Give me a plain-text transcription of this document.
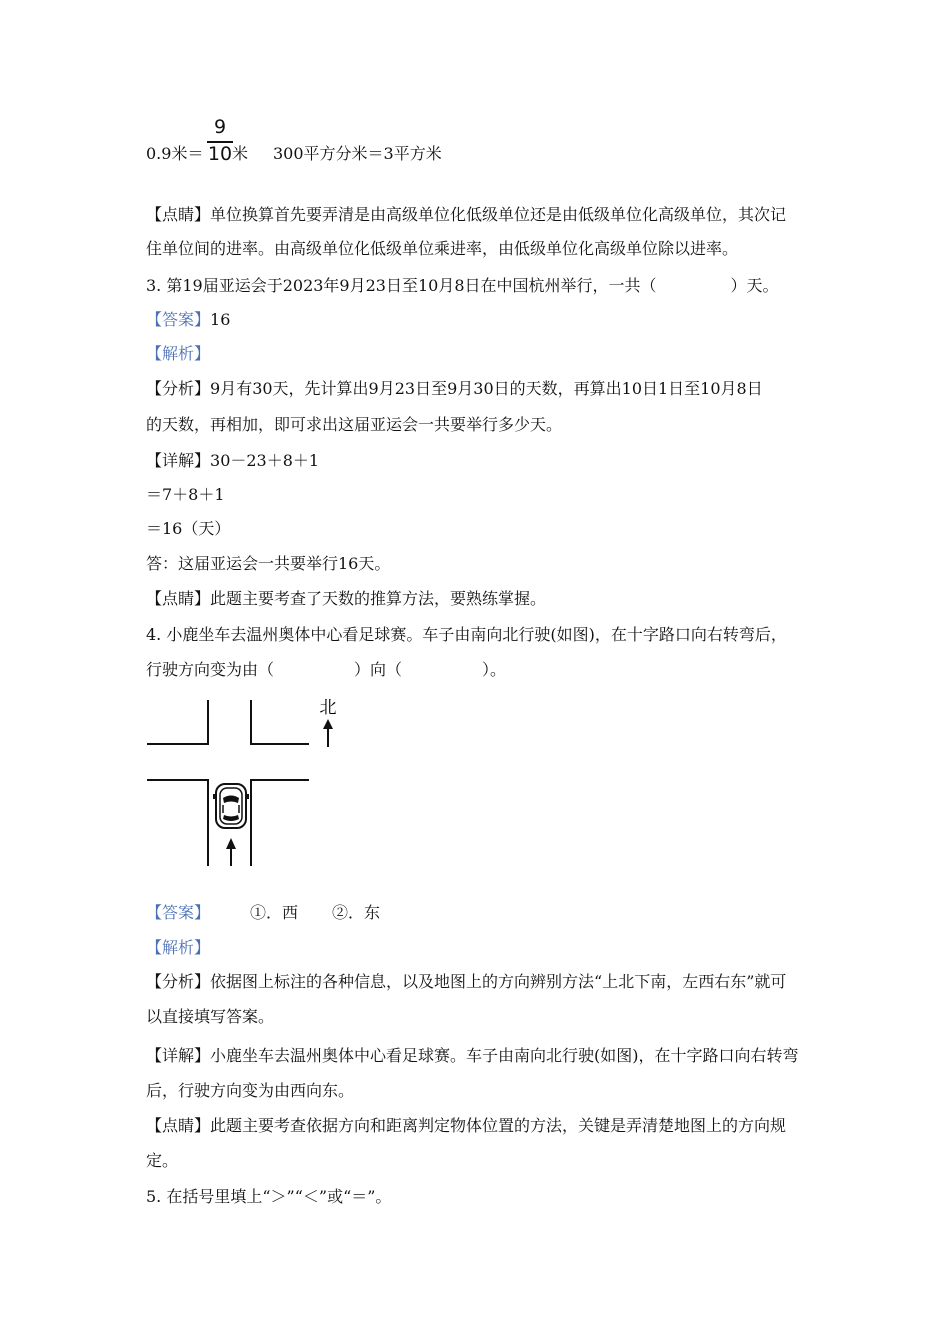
9
10
0.9米＝ 米 300平方分米＝3平方米
【点睛】单位换算首先要弄清是由高级单位化低级单位还是由低级单位化高级单位，其次记
住单位间的进率。由高级单位化低级单位乘进率，由低级单位化高级单位除以进率。
3. 第19届亚运会于2023年9月23日至10月8日在中国杭州举行，一共（	）天。
【答案】16
【解析】
【分析】9月有30天，先计算出9月23日至9月30日的天数，再算出10日1日至10月8日
的天数，再相加，即可求出这届亚运会一共要举行多少天。
【详解】30－23＋8＋1
＝7＋8＋1
＝16（天）
答：这届亚运会一共要举行16天。
【点睛】此题主要考查了天数的推算方法，要熟练掌握。
4. 小鹿坐车去温州奥体中心看足球赛。车子由南向北行驶(如图)，在十字路口向右转弯后，
行驶方向变为由（	）向（	）。
北
【答案】	①．西 ②．东
【解析】
【分析】依据图上标注的各种信息，以及地图上的方向辨别方法“上北下南，左西右东”就可
以直接填写答案。
【详解】小鹿坐车去温州奥体中心看足球赛。车子由南向北行驶(如图)，在十字路口向右转弯
后，行驶方向变为由西向东。
【点睛】此题主要考查依据方向和距离判定物体位置的方法，关键是弄清楚地图上的方向规
定。
5. 在括号里填上“＞”“＜”或“＝”。
